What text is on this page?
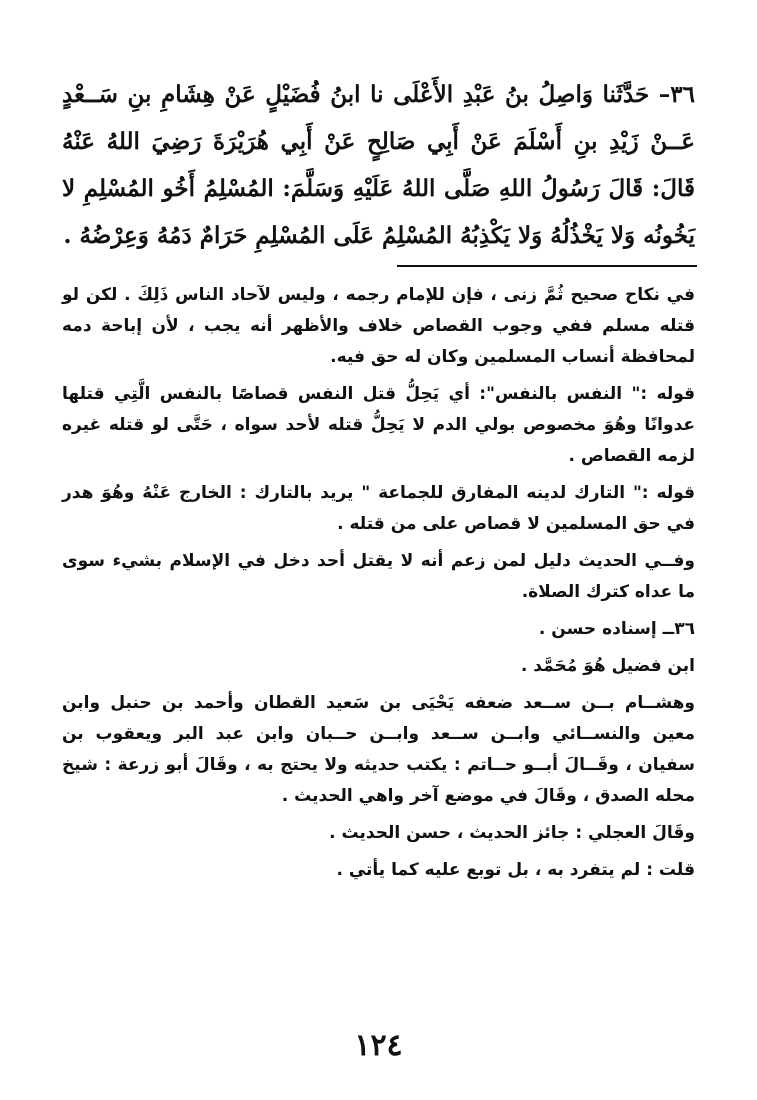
٣٦– حَدَّثَنا وَاصِلُ بنُ عَبْدِ الأَعْلَى نا ابنُ فُضَيْلٍ عَنْ هِشَامِ بنِ سَــعْدٍ عَــنْ زَيْدِ بنِ أَسْلَمَ عَنْ أَبِي صَالِحٍ عَنْ أَبِي هُرَيْرَةَ رَضِيَ اللهُ عَنْهُ قَالَ: قَالَ رَسُولُ اللهِ صَلَّى اللهُ عَلَيْهِ وَسَلَّمَ: المُسْلِمُ أَخُو المُسْلِمِ لا يَخُونُه وَلا يَخْذُلُهُ وَلا يَكْذِبُهُ المُسْلِمُ عَلَى المُسْلِمِ حَرَامٌ دَمُهُ وَعِرْضُهُ .

في نكاح صحيح ثُمَّ زنى ، فإن للإمام رجمه ، وليس لآحاد الناس ذَلِكَ . لكن لو قتله مسلم ففي وجوب القصاص خلاف والأظهر أنه يجب ، لأن إباحة دمه لمحافظة أنساب المسلمين وكان له حق فيه.

قوله :" النفس بالنفس": أي يَحِلُّ قتل النفس قصاصًا بالنفس الَّتِي قتلها عدوانًا وهُوَ مخصوص بولي الدم لا يَحِلُّ قتله لأحد سواه ، حَتَّى لو قتله غيره لزمه القصاص .

قوله :" التارك لدينه المفارق للجماعة " يريد بالتارك : الخارج عَنْهُ وهُوَ هدر في حق المسلمين لا قصاص على من قتله .

وفــي الحديث دليل لمن زعم أنه لا يقتل أحد دخل في الإسلام بشيء سوى ما عداه كترك الصلاة.

٣٦ــ إسناده حسن .

ابن فضيل هُوَ مُحَمَّد .

وهشــام بــن ســعد ضعفه يَحْيَى بن سَعيد القطان وأحمد بن حنبل وابن معين والنســائي وابــن ســعد وابــن حــبان وابن عبد البر ويعقوب بن سفيان ، وقَــالَ أبــو حــاتم : يكتب حديثه ولا يحتج به ، وقَالَ أبو زرعة : شيخ محله الصدق ، وقَالَ في موضع آخر واهي الحديث .

وقَالَ العجلي : جائز الحديث ، حسن الحديث .

قلت : لم يتفرد به ، بل توبع عليه كما يأتي .

١٢٤
